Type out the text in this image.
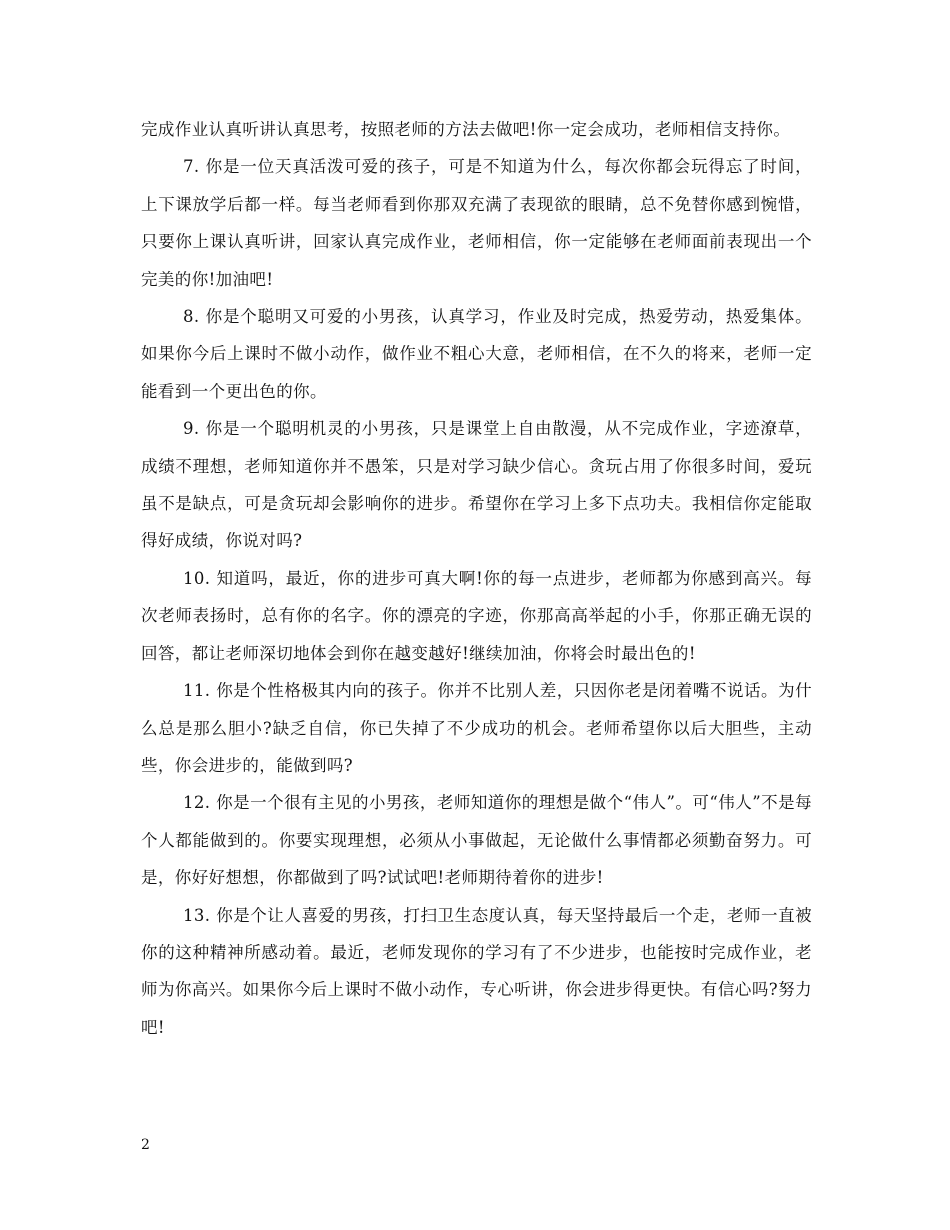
完成作业认真听讲认真思考，按照老师的方法去做吧!你一定会成功，老师相信支持你。

7. 你是一位天真活泼可爱的孩子，可是不知道为什么，每次你都会玩得忘了时间，上下课放学后都一样。每当老师看到你那双充满了表现欲的眼睛，总不免替你感到惋惜，只要你上课认真听讲，回家认真完成作业，老师相信，你一定能够在老师面前表现出一个完美的你!加油吧!

8. 你是个聪明又可爱的小男孩，认真学习，作业及时完成，热爱劳动，热爱集体。如果你今后上课时不做小动作，做作业不粗心大意，老师相信，在不久的将来，老师一定能看到一个更出色的你。

9. 你是一个聪明机灵的小男孩，只是课堂上自由散漫，从不完成作业，字迹潦草，成绩不理想，老师知道你并不愚笨，只是对学习缺少信心。贪玩占用了你很多时间，爱玩虽不是缺点，可是贪玩却会影响你的进步。希望你在学习上多下点功夫。我相信你定能取得好成绩，你说对吗?

10. 知道吗，最近，你的进步可真大啊!你的每一点进步，老师都为你感到高兴。每次老师表扬时，总有你的名字。你的漂亮的字迹，你那高高举起的小手，你那正确无误的回答，都让老师深切地体会到你在越变越好!继续加油，你将会时最出色的!

11. 你是个性格极其内向的孩子。你并不比别人差，只因你老是闭着嘴不说话。为什么总是那么胆小?缺乏自信，你已失掉了不少成功的机会。老师希望你以后大胆些，主动些，你会进步的，能做到吗?

12. 你是一个很有主见的小男孩，老师知道你的理想是做个“伟人”。可“伟人”不是每个人都能做到的。你要实现理想，必须从小事做起，无论做什么事情都必须勤奋努力。可是，你好好想想，你都做到了吗?试试吧!老师期待着你的进步!

13. 你是个让人喜爱的男孩，打扫卫生态度认真，每天坚持最后一个走，老师一直被你的这种精神所感动着。最近，老师发现你的学习有了不少进步，也能按时完成作业，老师为你高兴。如果你今后上课时不做小动作，专心听讲，你会进步得更快。有信心吗?努力吧!

2
